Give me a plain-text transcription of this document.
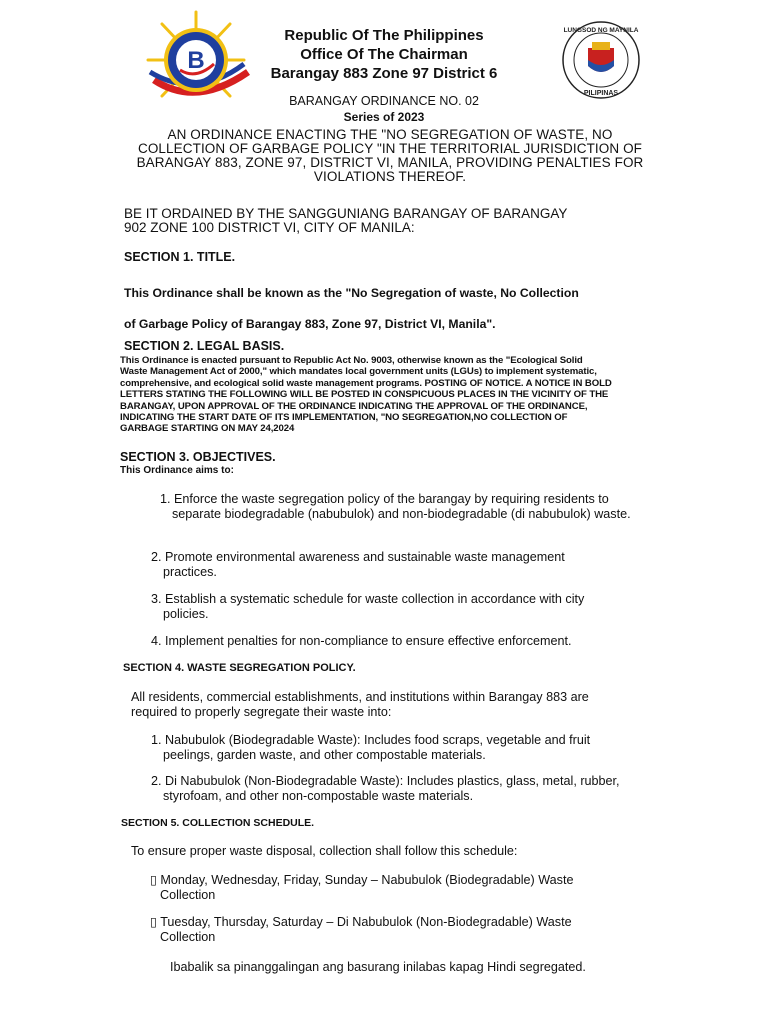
B
Republic Of The Philippines
Office Of The Chairman
Barangay 883 Zone 97 District 6
LUNGSOD NG MAYNILA
PILIPINAS
BARANGAY ORDINANCE NO. 02
Series of 2023
AN ORDINANCE ENACTING THE "NO SEGREGATION OF WASTE, NO
COLLECTION OF GARBAGE POLICY "IN THE TERRITORIAL JURISDICTION OF
BARANGAY 883, ZONE 97, DISTRICT VI, MANILA, PROVIDING PENALTIES FOR
VIOLATIONS THEREOF.
BE IT ORDAINED BY THE SANGGUNIANG BARANGAY OF BARANGAY
902 ZONE 100 DISTRICT VI, CITY OF MANILA:
SECTION 1. TITLE.
This Ordinance shall be known as the "No Segregation of waste, No Collection
of Garbage Policy of Barangay 883, Zone 97, District VI, Manila".
SECTION 2. LEGAL BASIS.
This Ordinance is enacted pursuant to Republic Act No. 9003, otherwise known as the "Ecological Solid
Waste Management Act of 2000," which mandates local government units (LGUs) to implement systematic,
comprehensive, and ecological solid waste management programs. POSTING OF NOTICE. A NOTICE IN BOLD
LETTERS STATING THE FOLLOWING WILL BE POSTED IN CONSPICUOUS PLACES IN THE VICINITY OF THE
BARANGAY, UPON APPROVAL OF THE ORDINANCE INDICATING THE APPROVAL OF THE ORDINANCE,
INDICATING THE START DATE OF ITS IMPLEMENTATION, "NO SEGREGATION,NO COLLECTION OF
GARBAGE STARTING ON MAY 24,2024
SECTION 3. OBJECTIVES.
This Ordinance aims to:
1. Enforce the waste segregation policy of the barangay by requiring residents to separate biodegradable (nabubulok) and non-biodegradable (di nabubulok) waste.
2. Promote environmental awareness and sustainable waste management practices.
3. Establish a systematic schedule for waste collection in accordance with city policies.
4. Implement penalties for non-compliance to ensure effective enforcement.
SECTION 4. WASTE SEGREGATION POLICY.
All residents, commercial establishments, and institutions within Barangay 883 are required to properly segregate their waste into:
1. Nabubulok (Biodegradable Waste): Includes food scraps, vegetable and fruit peelings, garden waste, and other compostable materials.
2. Di Nabubulok (Non-Biodegradable Waste): Includes plastics, glass, metal, rubber, styrofoam, and other non-compostable waste materials.
SECTION 5. COLLECTION SCHEDULE.
To ensure proper waste disposal, collection shall follow this schedule:
▯ Monday, Wednesday, Friday, Sunday – Nabubulok (Biodegradable) Waste Collection
▯ Tuesday, Thursday, Saturday – Di Nabubulok (Non-Biodegradable) Waste Collection
Ibabalik sa pinanggalingan ang basurang inilabas kapag Hindi segregated.
